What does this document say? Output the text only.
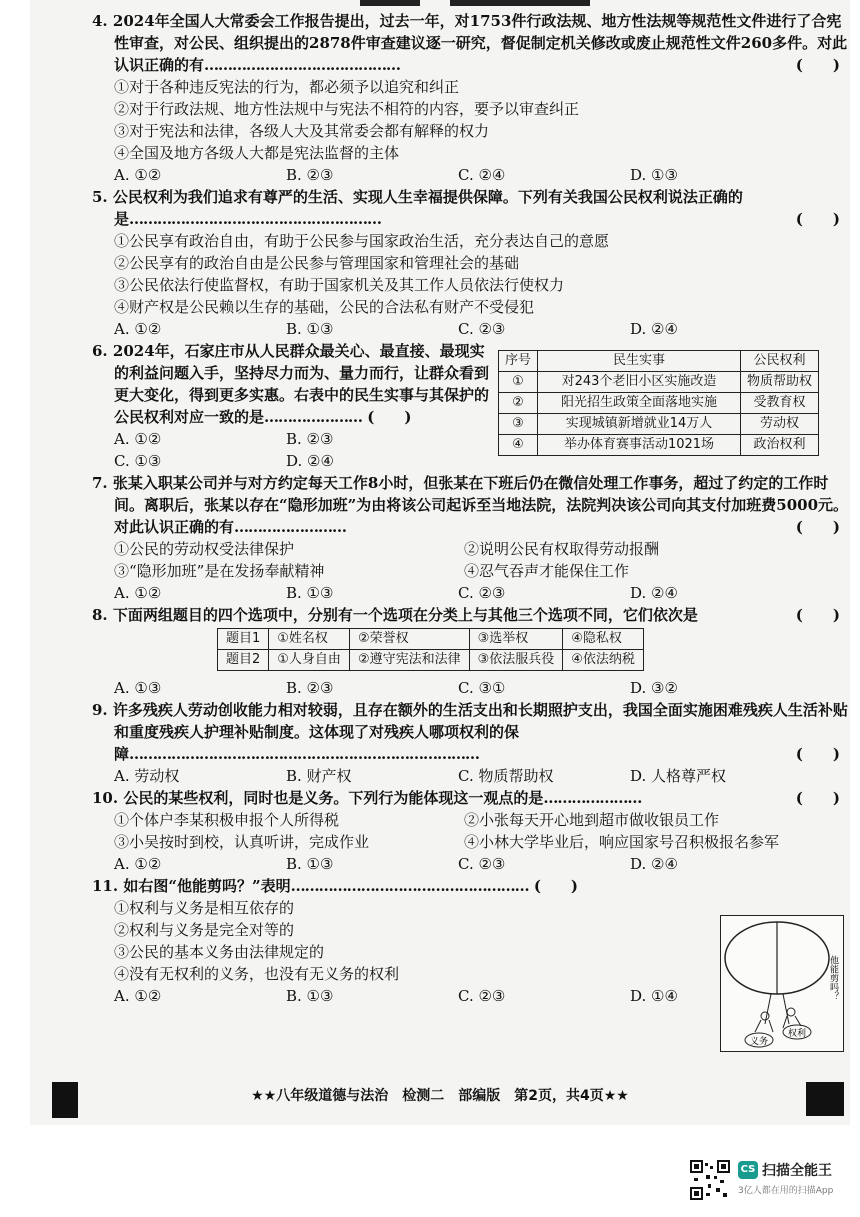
4. 2024年全国人大常委会工作报告提出，过去一年，对1753件行政法规、地方性法规等规范性文件进行了合宪性审查，对公民、组织提出的2878件审查建议逐一研究，督促制定机关修改或废止规范性文件260多件。对此认识正确的有……………………………………	(　　)

①对于各种违反宪法的行为，都必须予以追究和纠正

②对于行政法规、地方性法规中与宪法不相符的内容，要予以审查纠正

③对于宪法和法律，各级人大及其常委会都有解释的权力

④全国及地方各级人大都是宪法监督的主体

A. ①②	B. ②③	C. ②④	D. ①③

5. 公民权利为我们追求有尊严的生活、实现人生幸福提供保障。下列有关我国公民权利说法正确的是………………………………………………	(　　)

①公民享有政治自由，有助于公民参与国家政治生活，充分表达自己的意愿

②公民享有的政治自由是公民参与管理国家和管理社会的基础

③公民依法行使监督权，有助于国家机关及其工作人员依法行使权力

④财产权是公民赖以生存的基础，公民的合法私有财产不受侵犯

A. ①②	B. ①③	C. ②③	D. ②④

6. 2024年，石家庄市从人民群众最关心、最直接、最现实的利益问题入手，坚持尽力而为、量力而行，让群众看到更大变化，得到更多实惠。右表中的民生实事与其保护的公民权利对应一致的是………………… (　　)

A. ①②	B. ②③
C. ①③	D. ②④
序号	民生实事	公民权利
①	对243个老旧小区实施改造	物质帮助权
②	阳光招生政策全面落地实施	受教育权
③	实现城镇新增就业14万人	劳动权
④	举办体育赛事活动1021场	政治权利

7. 张某入职某公司并与对方约定每天工作8小时，但张某在下班后仍在微信处理工作事务，超过了约定的工作时间。离职后，张某以存在“隐形加班”为由将该公司起诉至当地法院，法院判决该公司向其支付加班费5000元。对此认识正确的有……………………	(　　)

①公民的劳动权受法律保护	②说明公民有权取得劳动报酬
③“隐形加班”是在发扬奉献精神	④忍气吞声才能保住工作
A. ①②	B. ①③	C. ②③	D. ②④

8. 下面两组题目的四个选项中，分别有一个选项在分类上与其他三个选项不同，它们依次是	(　　)

题目1	①姓名权	②荣誉权	③选举权	④隐私权
题目2	①人身自由	②遵守宪法和法律	③依法服兵役	④依法纳税
A. ①③	B. ②③	C. ③①	D. ③②

9. 许多残疾人劳动创收能力相对较弱，且存在额外的生活支出和长期照护支出，我国全面实施困难残疾人生活补贴和重度残疾人护理补贴制度。这体现了对残疾人哪项权利的保障…………………………………………………………………	(　　)

A. 劳动权	B. 财产权	C. 物质帮助权	D. 人格尊严权

10. 公民的某些权利，同时也是义务。下列行为能体现这一观点的是…………………	(　　)

①个体户李某积极申报个人所得税	②小张每天开心地到超市做收银员工作
③小吴按时到校，认真听讲，完成作业	④小林大学毕业后，响应国家号召积极报名参军
A. ①②	B. ①③	C. ②③	D. ②④

11. 如右图“他能剪吗？”表明…………………………………………… (　　)

①权利与义务是相互依存的

②权利与义务是完全对等的

③公民的基本义务由法律规定的

④没有无权利的义务，也没有无义务的权利

A. ①②	B. ①③	C. ②③	D. ①④
义务
权利
他能剪吗？
★★八年级道德与法治　检测二　部编版　第2页，共4页★★
CS 扫描全能王
3亿人都在用的扫描App
